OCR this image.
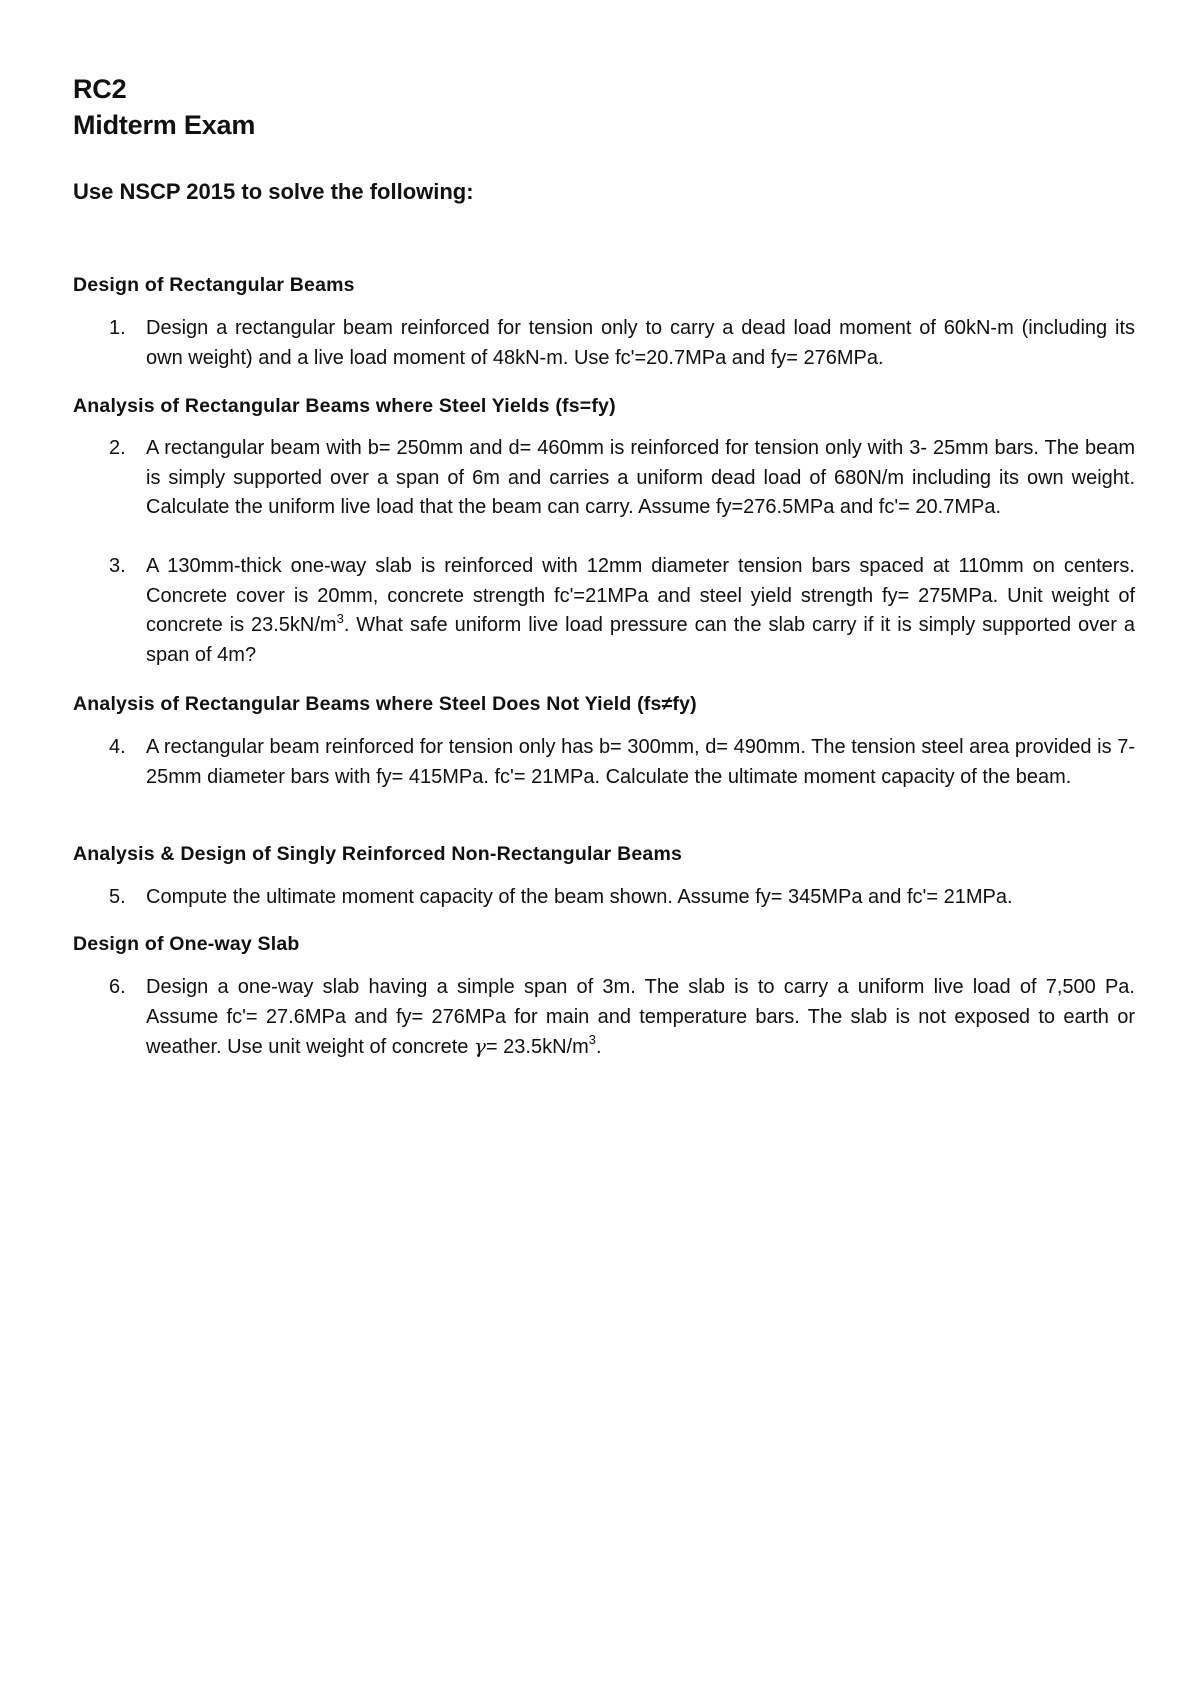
RC2
Midterm Exam
Use NSCP 2015 to solve the following:
Design of Rectangular Beams
1.	Design a rectangular beam reinforced for tension only to carry a dead load moment of 60kN-m (including its own weight) and a live load moment of 48kN-m. Use fc'=20.7MPa and fy= 276MPa.
Analysis of Rectangular Beams where Steel Yields (fs=fy)
2.	A rectangular beam with b= 250mm and d= 460mm is reinforced for tension only with 3- 25mm bars. The beam is simply supported over a span of 6m and carries a uniform dead load of 680N/m including its own weight. Calculate the uniform live load that the beam can carry. Assume fy=276.5MPa and fc'= 20.7MPa.
3.	A 130mm-thick one-way slab is reinforced with 12mm diameter tension bars spaced at 110mm on centers. Concrete cover is 20mm, concrete strength fc'=21MPa and steel yield strength fy= 275MPa. Unit weight of concrete is $23.5kN/m^3$. What safe uniform live load pressure can the slab carry if it is simply supported over a span of 4m?
Analysis of Rectangular Beams where Steel Does Not Yield (fs≠fy)
4.	A rectangular beam reinforced for tension only has b= 300mm, d= 490mm. The tension steel area provided is 7-25mm diameter bars with fy= 415MPa. fc'= 21MPa. Calculate the ultimate moment capacity of the beam.
Analysis & Design of Singly Reinforced Non-Rectangular Beams
5.	Compute the ultimate moment capacity of the beam shown. Assume fy= 345MPa and fc'= 21MPa.
Design of One-way Slab
6.	Design a one-way slab having a simple span of 3m. The slab is to carry a uniform live load of 7,500 Pa. Assume fc'= 27.6MPa and fy= 276MPa for main and temperature bars. The slab is not exposed to earth or weather. Use unit weight of concrete $\gamma= 23.5kN/m^3$.
